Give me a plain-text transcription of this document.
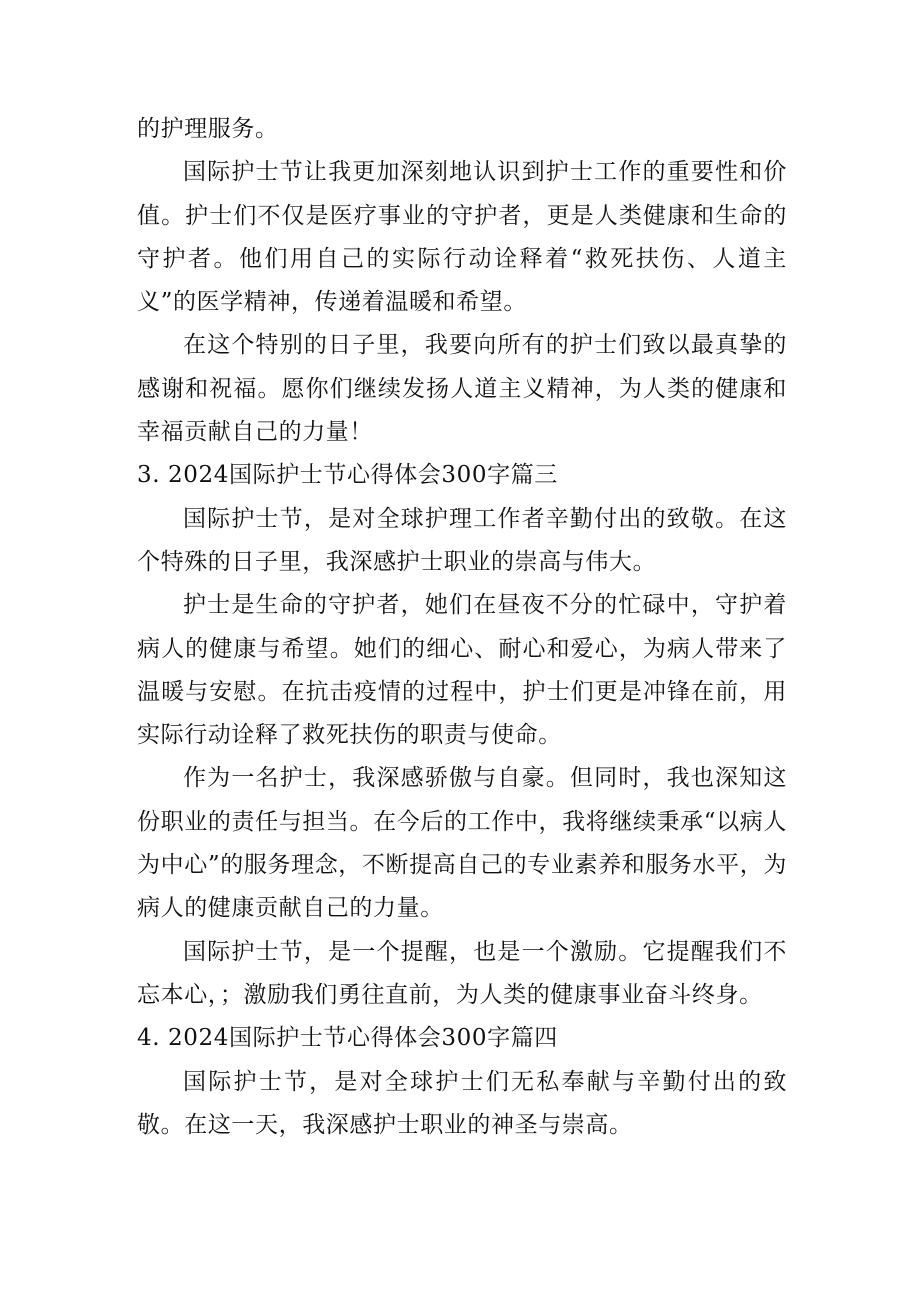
的护理服务。

国际护士节让我更加深刻地认识到护士工作的重要性和价值。护士们不仅是医疗事业的守护者，更是人类健康和生命的守护者。他们用自己的实际行动诠释着“救死扶伤、人道主义”的医学精神，传递着温暖和希望。

在这个特别的日子里，我要向所有的护士们致以最真挚的感谢和祝福。愿你们继续发扬人道主义精神，为人类的健康和幸福贡献自己的力量！

3. 2024国际护士节心得体会300字篇三

国际护士节，是对全球护理工作者辛勤付出的致敬。在这个特殊的日子里，我深感护士职业的崇高与伟大。

护士是生命的守护者，她们在昼夜不分的忙碌中，守护着病人的健康与希望。她们的细心、耐心和爱心，为病人带来了温暖与安慰。在抗击疫情的过程中，护士们更是冲锋在前，用实际行动诠释了救死扶伤的职责与使命。

作为一名护士，我深感骄傲与自豪。但同时，我也深知这份职业的责任与担当。在今后的工作中，我将继续秉承“以病人为中心”的服务理念，不断提高自己的专业素养和服务水平，为病人的健康贡献自己的力量。

国际护士节，是一个提醒，也是一个激励。它提醒我们不忘本心，；激励我们勇往直前，为人类的健康事业奋斗终身。

4. 2024国际护士节心得体会300字篇四

国际护士节，是对全球护士们无私奉献与辛勤付出的致敬。在这一天，我深感护士职业的神圣与崇高。
